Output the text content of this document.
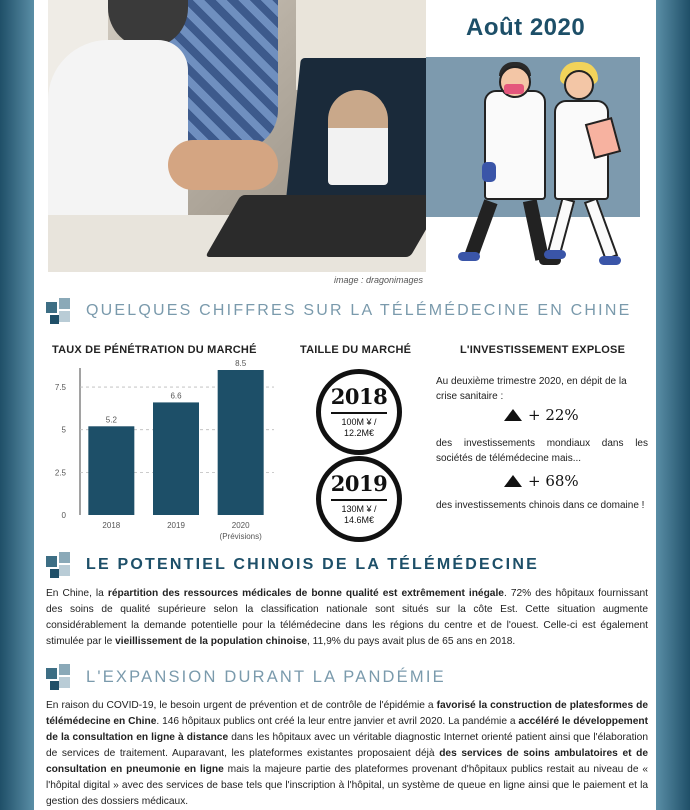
image : dragonimages
Août 2020
QUELQUES CHIFFRES SUR LA TÉLÉMÉDECINE EN CHINE
TAUX DE PÉNÉTRATION DU MARCHÉ	TAILLE DU MARCHÉ	L'INVESTISSEMENT EXPLOSE
0
2.5
5
7.5
5.2
2018
6.6
2019
8.5
2020
(Prévisions)
2018
100M ¥ /
12.2M€
2019
130M ¥ /
14.6M€
Au deuxième trimestre 2020, en dépit de la crise sanitaire :
+ 22%
des investissements mondiaux dans les sociétés de télémédecine mais...
+ 68%
des investissements chinois dans ce domaine !
LE POTENTIEL CHINOIS DE LA TÉLÉMÉDECINE
En Chine, la répartition des ressources médicales de bonne qualité est extrêmement inégale. 72% des hôpitaux fournissant des soins de qualité supérieure selon la classification nationale sont situés sur la côte Est. Cette situation augmente considérablement la demande potentielle pour la télémédecine dans les régions du centre et de l'ouest. Celle-ci est également stimulée par le vieillissement de la population chinoise, 11,9% du pays avait plus de 65 ans en 2018.
L'EXPANSION DURANT LA PANDÉMIE
En raison du COVID-19, le besoin urgent de prévention et de contrôle de l'épidémie a favorisé la construction de platesformes de télémédecine en Chine. 146 hôpitaux publics ont créé la leur entre janvier et avril 2020. La pandémie a accéléré le développement de la consultation en ligne à distance dans les hôpitaux avec un véritable diagnostic Internet orienté patient ainsi que l'élaboration de services de traitement. Auparavant, les plateformes existantes proposaient déjà des services de soins ambulatoires et de consultation en pneumonie en ligne mais la majeure partie des plateformes provenant d'hôpitaux publics restait au niveau de « l'hôpital digital » avec des services de base tels que l'inscription à l'hôpital, un système de queue en ligne ainsi que le paiement et la gestion des dossiers médicaux.
